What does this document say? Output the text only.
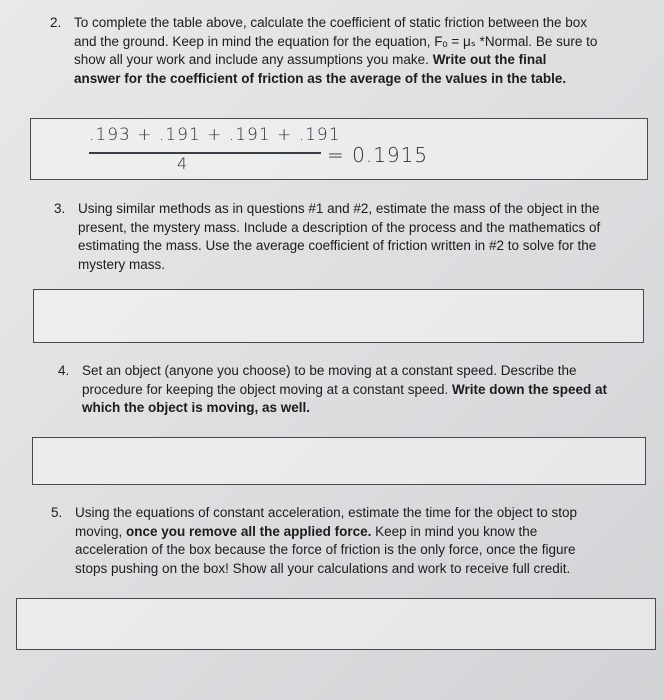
2. To complete the table above, calculate the coefficient of static friction between the box
and the ground. Keep in mind the equation for the equation, Fₒ = μₛ *Normal. Be sure to
show all your work and include any assumptions you make. Write out the final
answer for the coefficient of friction as the average of the values in the table.
.193 + .191 + .191 + .191
4	= 0.1915
3. Using similar methods as in questions #1 and #2, estimate the mass of the object in the
present, the mystery mass. Include a description of the process and the mathematics of
estimating the mass. Use the average coefficient of friction written in #2 to solve for the
mystery mass.
4. Set an object (anyone you choose) to be moving at a constant speed. Describe the
procedure for keeping the object moving at a constant speed. Write down the speed at
which the object is moving, as well.
5. Using the equations of constant acceleration, estimate the time for the object to stop
moving, once you remove all the applied force. Keep in mind you know the
acceleration of the box because the force of friction is the only force, once the figure
stops pushing on the box! Show all your calculations and work to receive full credit.
